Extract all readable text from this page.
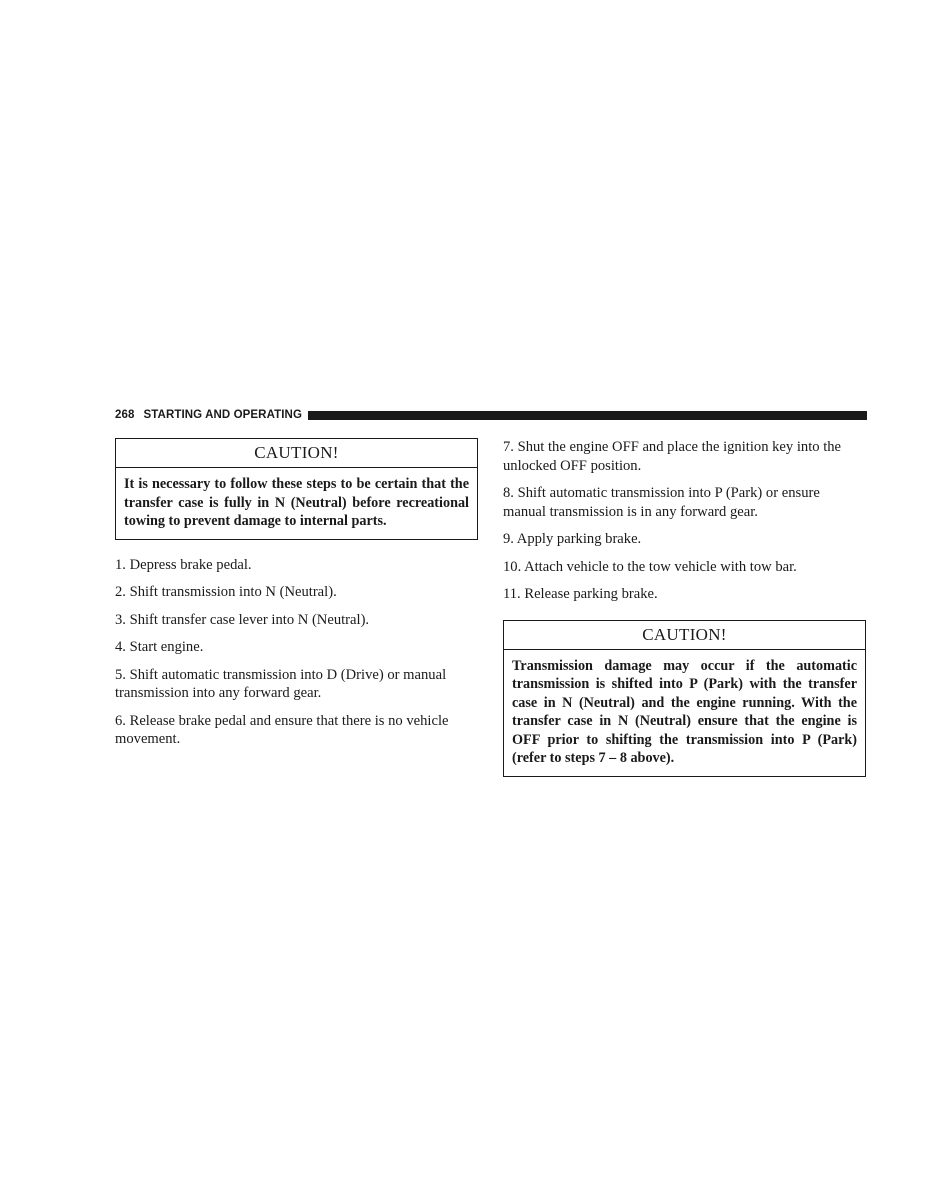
268 STARTING AND OPERATING
CAUTION!
It is necessary to follow these steps to be certain that the transfer case is fully in N (Neutral) before recreational towing to prevent damage to internal parts.
1. Depress brake pedal.
2. Shift transmission into N (Neutral).
3. Shift transfer case lever into N (Neutral).
4. Start engine.
5. Shift automatic transmission into D (Drive) or manual transmission into any forward gear.
6. Release brake pedal and ensure that there is no vehicle movement.
7. Shut the engine OFF and place the ignition key into the unlocked OFF position.
8. Shift automatic transmission into P (Park) or ensure manual transmission is in any forward gear.
9. Apply parking brake.
10. Attach vehicle to the tow vehicle with tow bar.
11. Release parking brake.
CAUTION!
Transmission damage may occur if the automatic transmission is shifted into P (Park) with the transfer case in N (Neutral) and the engine running. With the transfer case in N (Neutral) ensure that the engine is OFF prior to shifting the transmission into P (Park) (refer to steps 7 – 8 above).
